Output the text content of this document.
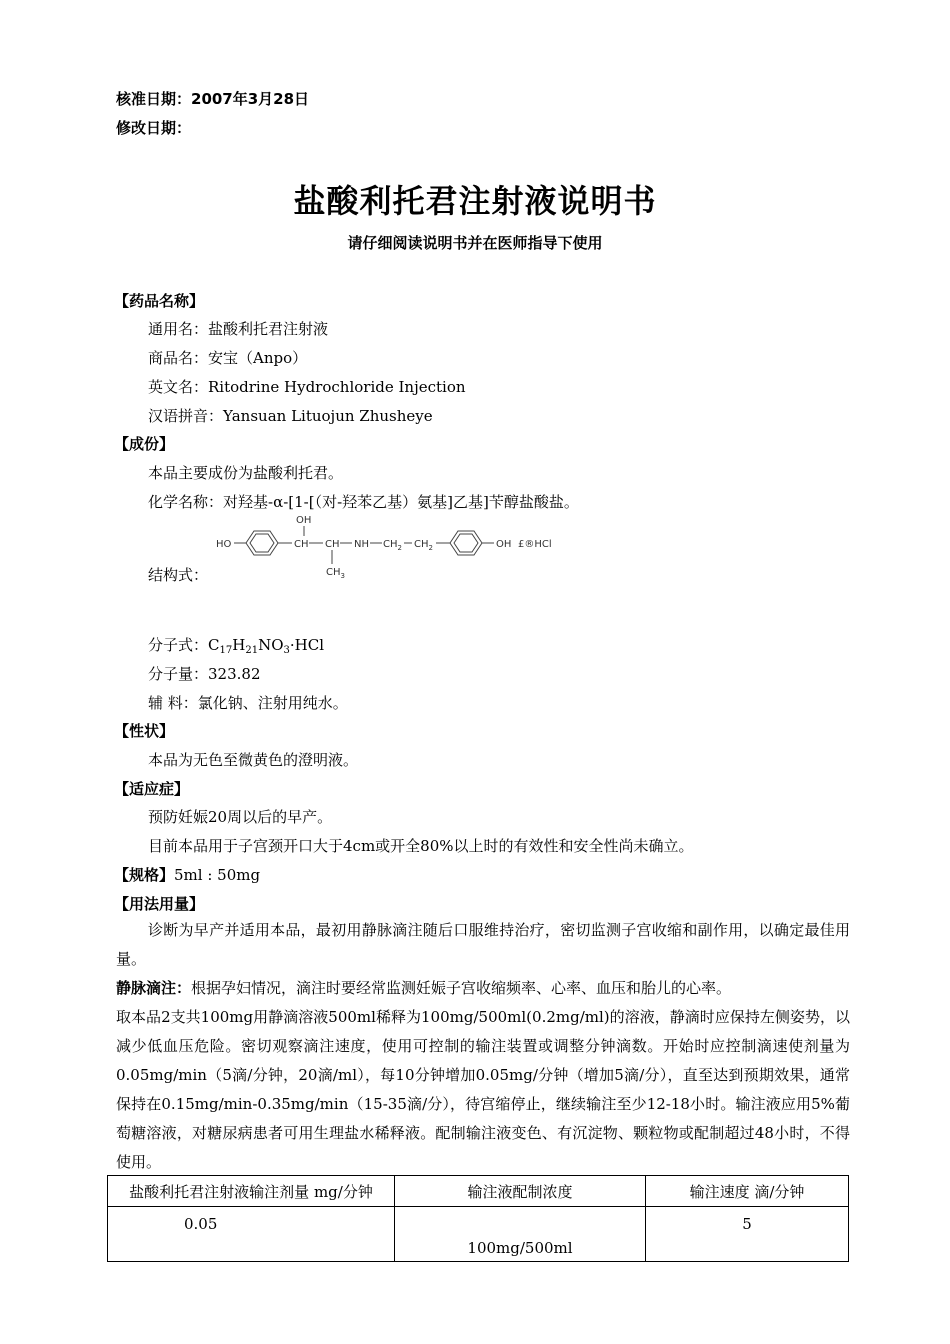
核准日期：2007年3月28日
修改日期：
盐酸利托君注射液说明书
请仔细阅读说明书并在医师指导下使用
【药品名称】
通用名：盐酸利托君注射液
商品名：安宝（Anpo）
英文名：Ritodrine Hydrochloride Injection
汉语拼音：Yansuan Lituojun Zhusheye
【成份】
本品主要成份为盐酸利托君。
化学名称：对羟基-α-[1-[（对-羟苯乙基）氨基]乙基]苄醇盐酸盐。
HO
OH
CH CH NH $CH_2$ $CH_2$	OH £®HCl
$CH_3$
结构式：
分子式：$C_{17}H_{21}NO_3\cdot HCl$
分子量：323.82
辅 料：氯化钠、注射用纯水。
【性状】
本品为无色至微黄色的澄明液。
【适应症】
预防妊娠20周以后的早产。
目前本品用于子宫颈开口大于4cm或开全80%以上时的有效性和安全性尚未确立。
【规格】5ml : 50mg
【用法用量】
诊断为早产并适用本品，最初用静脉滴注随后口服维持治疗，密切监测子宫收缩和副作用，以确定最佳用量。
静脉滴注：根据孕妇情况，滴注时要经常监测妊娠子宫收缩频率、心率、血压和胎儿的心率。
取本品2支共100mg用静滴溶液500ml稀释为100mg/500ml(0.2mg/ml)的溶液，静滴时应保持左侧姿势，以减少低血压危险。密切观察滴注速度，使用可控制的输注装置或调整分钟滴数。开始时应控制滴速使剂量为0.05mg/min（5滴/分钟，20滴/ml），每10分钟增加0.05mg/分钟（增加5滴/分），直至达到预期效果，通常保持在0.15mg/min-0.35mg/min（15-35滴/分），待宫缩停止，继续输注至少12-18小时。输注液应用5%葡萄糖溶液，对糖尿病患者可用生理盐水稀释液。配制输注液变色、有沉淀物、颗粒物或配制超过48小时，不得使用。
盐酸利托君注射液输注剂量 mg/分钟	输注液配制浓度	输注速度 滴/分钟
0.05	100mg/500ml	5
